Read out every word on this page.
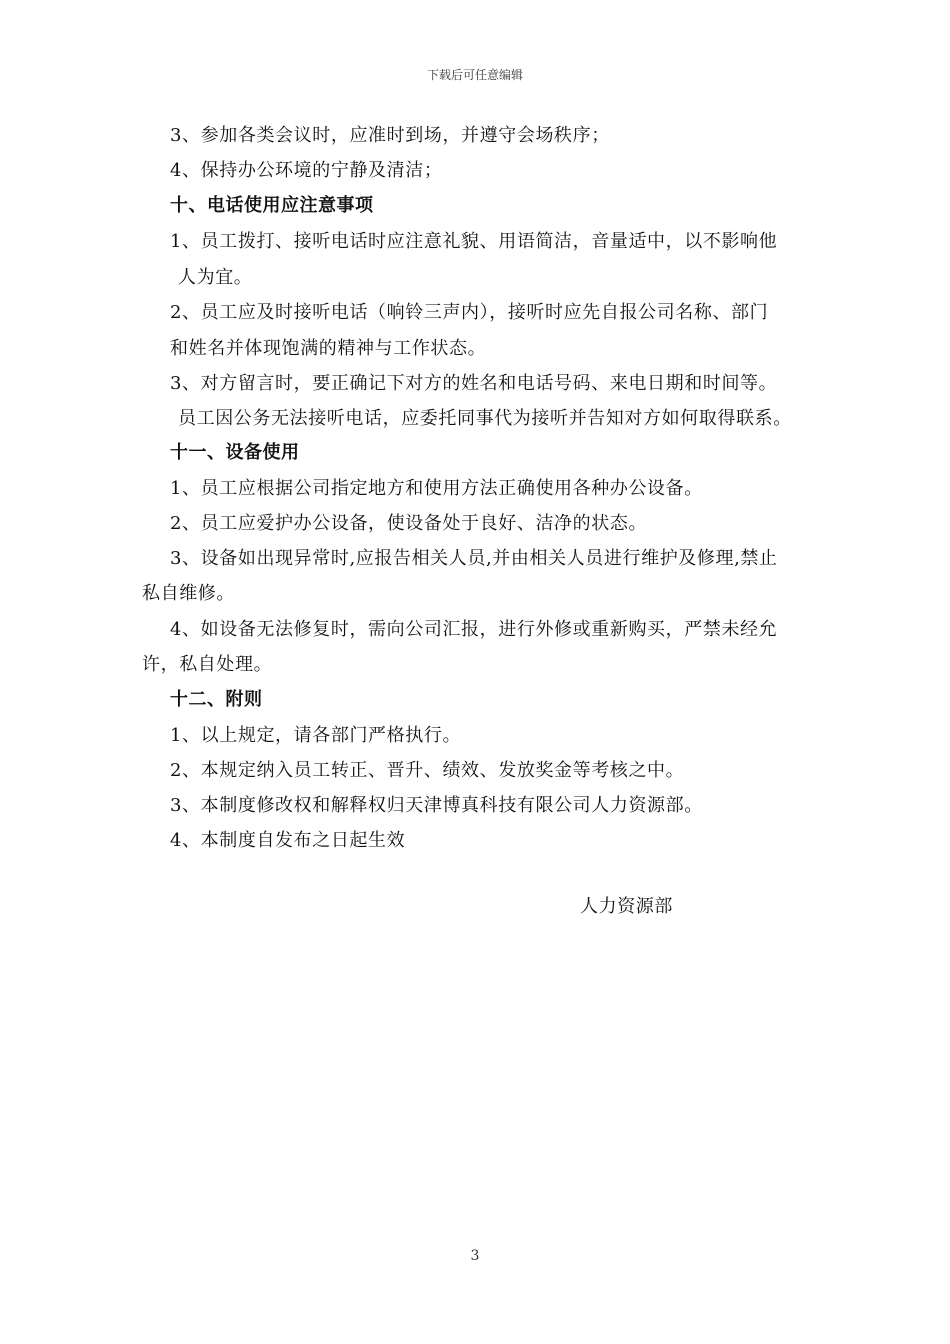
下载后可任意编辑
3、参加各类会议时，应准时到场，并遵守会场秩序；
4、保持办公环境的宁静及清洁；
十、电话使用应注意事项
1、员工拨打、接听电话时应注意礼貌、用语简洁，音量适中，以不影响他
人为宜。
2、员工应及时接听电话（响铃三声内），接听时应先自报公司名称、部门
和姓名并体现饱满的精神与工作状态。
3、对方留言时，要正确记下对方的姓名和电话号码、来电日期和时间等。
员工因公务无法接听电话，应委托同事代为接听并告知对方如何取得联系。
十一、设备使用
1、员工应根据公司指定地方和使用方法正确使用各种办公设备。
2、员工应爱护办公设备，使设备处于良好、洁净的状态。
3、设备如出现异常时,应报告相关人员,并由相关人员进行维护及修理,禁止
私自维修。
4、如设备无法修复时，需向公司汇报，进行外修或重新购买，严禁未经允
许，私自处理。
十二、附则
1、以上规定，请各部门严格执行。
2、本规定纳入员工转正、晋升、绩效、发放奖金等考核之中。
3、本制度修改权和解释权归天津博真科技有限公司人力资源部。
4、本制度自发布之日起生效
人力资源部
3
